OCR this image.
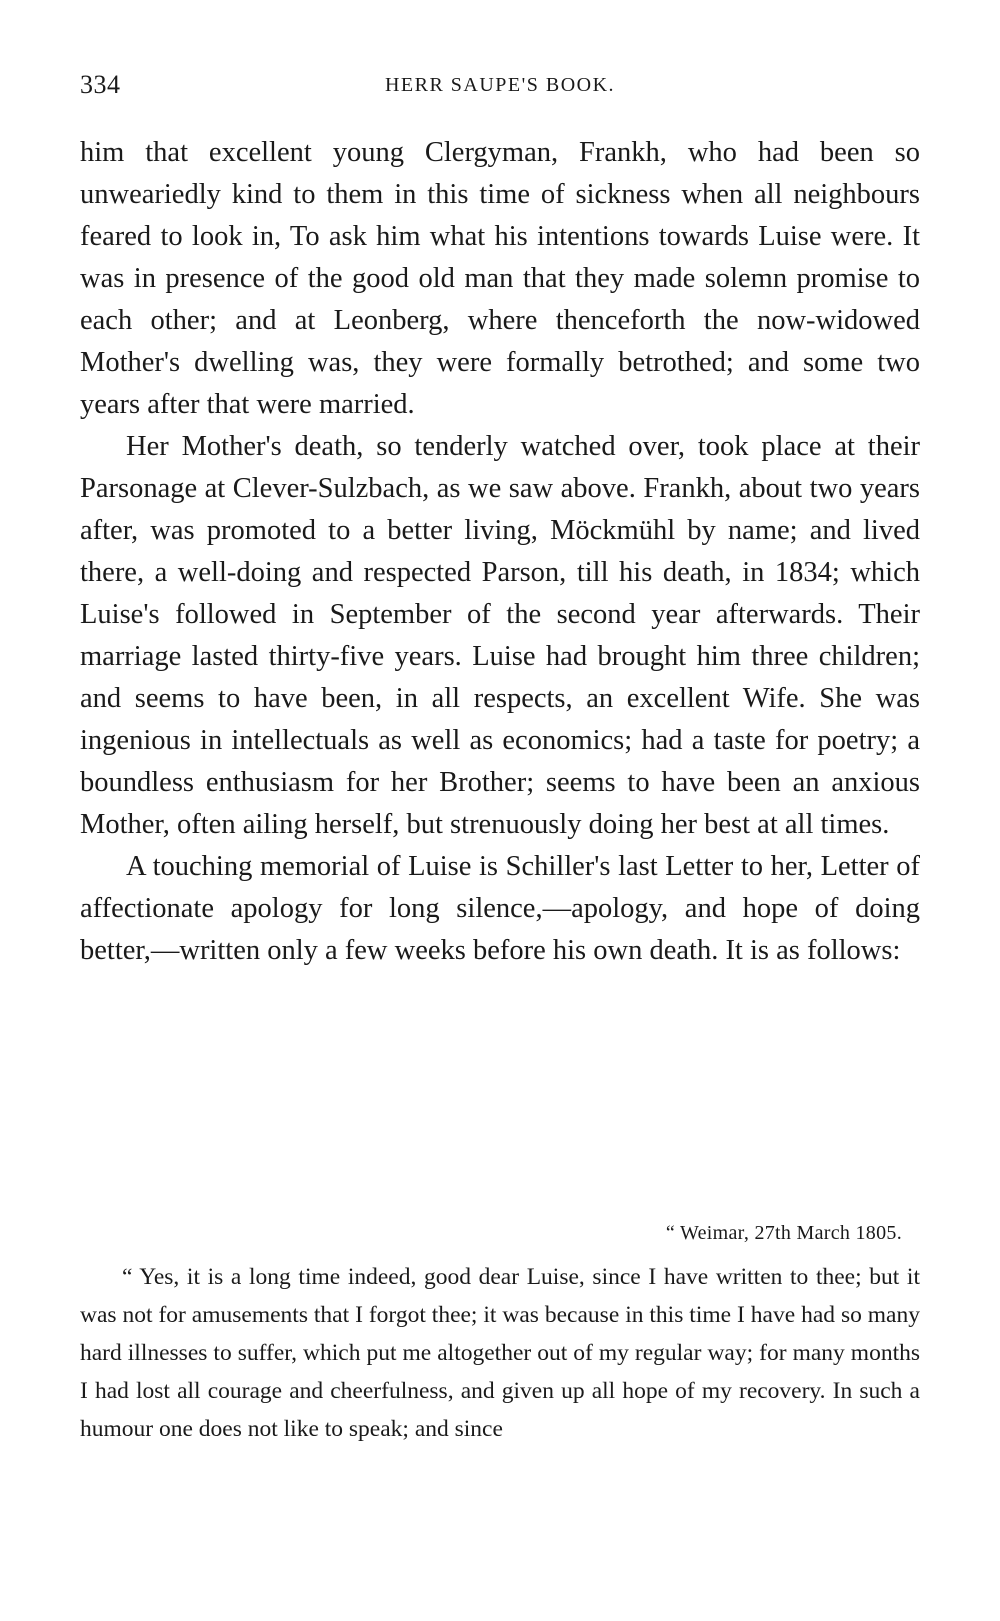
334	HERR SAUPE'S BOOK.

him that excellent young Clergyman, Frankh, who had been so unweariedly kind to them in this time of sickness when all neighbours feared to look in, To ask him what his intentions towards Luise were. It was in presence of the good old man that they made solemn promise to each other; and at Leonberg, where thenceforth the now-widowed Mother's dwelling was, they were formally betrothed; and some two years after that were married.

Her Mother's death, so tenderly watched over, took place at their Parsonage at Clever-Sulzbach, as we saw above. Frankh, about two years after, was promoted to a better living, Möckmühl by name; and lived there, a well-doing and respected Parson, till his death, in 1834; which Luise's followed in September of the second year afterwards. Their marriage lasted thirty-five years. Luise had brought him three children; and seems to have been, in all respects, an excellent Wife. She was ingenious in intellectuals as well as economics; had a taste for poetry; a boundless enthusiasm for her Brother; seems to have been an anxious Mother, often ailing herself, but strenuously doing her best at all times.

A touching memorial of Luise is Schiller's last Letter to her, Letter of affectionate apology for long silence,—apology, and hope of doing better,—written only a few weeks before his own death. It is as follows:

“ Weimar, 27th March 1805.

“ Yes, it is a long time indeed, good dear Luise, since I have written to thee; but it was not for amusements that I forgot thee; it was because in this time I have had so many hard illnesses to suffer, which put me altogether out of my regular way; for many months I had lost all courage and cheerfulness, and given up all hope of my recovery. In such a humour one does not like to speak; and since
